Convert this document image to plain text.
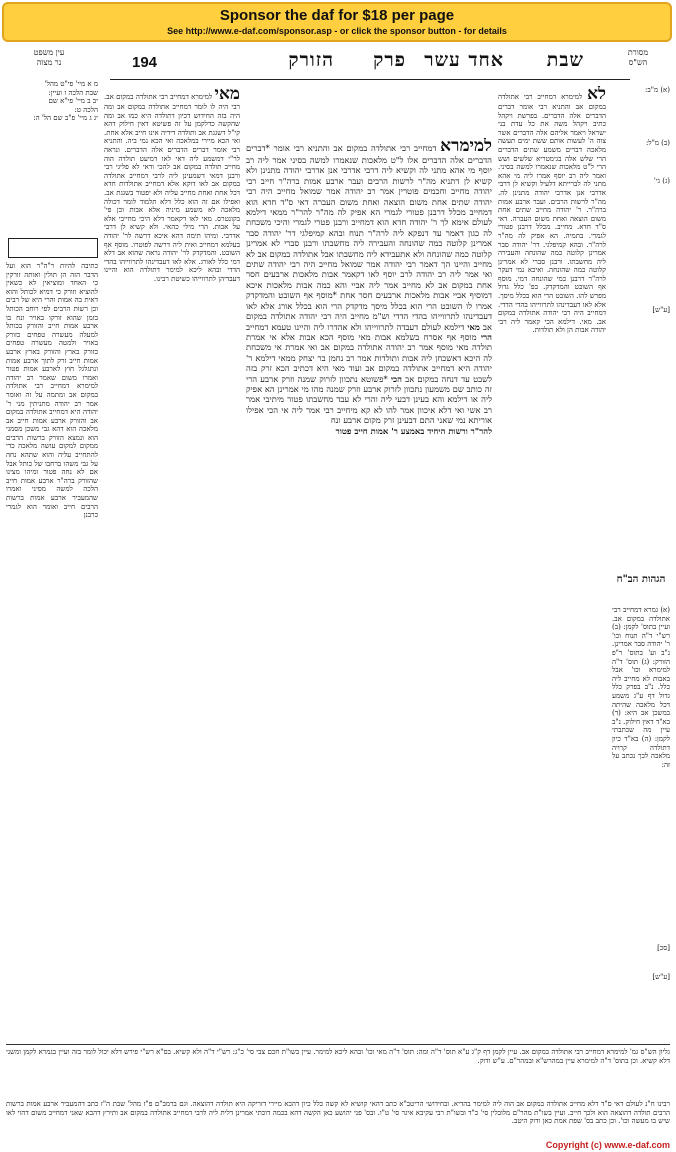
Sponsor the daf for $18 per page
See http://www.e-daf.com/sponsor.asp - or click the sponsor button - for details
מסורת
הש"ס
שבת
אחד עשר
פרק
הזורק
194
עין משפט
נר מצוה
מ א מיי' פי"ט מהל'
שבת הלכה ז ועיין:
יב ב מיי' פי"א שם
הלכה ט:
יג ג מיי' פ"ב שם הל' ה:
כתיבה להיות ר"ה"ר הוא ועל הדבר הזה הן תולין ואותה זורקין כי האחד ומוציאין לא כשאין להוציא וזורק כי דמיא לכותל והוא דאית בה אמות והרי היא של רבים וכן רשות הרבים לפי רוחב הכותל בזמן שהוא זורקו באויר ונח בו ארבע אמות חייב והזורק בכותל למעלה מעשרה טפחים כזורק באויר ולמטה מעשרה טפחים כזורק בארץ והזורק בארץ ארבע אמות חייב זרק לתוך ארבע אמות ונתגלגל חוץ לארבע אמות פטור ואמרו משום שאמר רב יהודה למימרא דמחייב רבי אתולדה במקום אב ומתמה על זה ואומר אמר רב יהודה מתניתין מני ר' יהודה היא דמחייב אתולדה במקום אב והזורק ארבע אמות חייב אב מלאכה הוא דהא גבי משכן מסמני הוא ונמצא הזורק ברשות הרבים ממקום למקום עושה מלאכה כדי להתחייב עליה והוא שתהא נחה על גבי משהו ברחבו של כותל אבל אם לא נחה פטור ומיהו מצינו שהזורק ברה"ר ארבע אמות חייב הלכה למשה מסיני ואמרו שהמעביר ארבע אמות ברשות הרבים חייב ואומר הוא לגמרי כרבנן
מאי למימרא דמחייב רבי אתולדה במקום אב. רבי היה לו לומר דמחייב אתולדה במקום אב ומה היה בזה החידוש דכיון דתולדה היא כמו אב ומה שהקשה כדלקמן על זה פשיטא דאין חילוק דהא קי"ל דשגגת אב ותולדה דידיה אינו חייב אלא אחת. ואי הכא מיירי במלאכה ואי הכא נמי ביה. והתניא רבי אומר דברים הדברים אלה הדברים. ונראה לר"י דמשמע ליה דאי לאו דמיעט תולדה הוה מחייב תולדה במקום אב להכי ודאי לא פליגי רבי ורבנן דמאי דשמעינן ליה לרבי דמחייב אתולדה במקום אב לאו דוקא אלא דמחייב אתולדות חדא דכל אחת ואחת מחייב עליה ולא יפטור בשגגת אב. ואפילו אם זה הוא כלל דלא תלמוד לומר דכולה מלאכה לא משמע מיניה אלא אבות וכן פי' בקונטרס. מאי לאו דקאמר דלא היכי מחייבי אלא על אבות. הרי מילי כהאי. ולא קשיא לן דרבי אדרבי. ומיהו תימה דהא איכא דרשה לר' יהודה בעלמא דמחייב ואית ליה דרשה לפוטרו. מוסף אף השובט. והמדקדק לר' יהודה נראה שהוא אב דלא דמי כלל לאורג. אלא לאו דעבדינהו לתרווייהו בהדי הדדי ובהא ליכא למימר דתולדה הוא והיינו דעבדיהן לתרווייהו כשיטת רבינו.
למימרא דמחייב רבי אתולדה במקום אב והתניא רבי אומר *דברים הדברים אלה הדברים אלו ל"ט מלאכות שנאמרו למשה בסיני אמר ליה רב יוסף מי אהא מתני לה וקשיא ליה דרבי אדרבי אנן אדרבי יהודה מתנינן ולא קשיא לן דתניא מה"ר לרשות הרבים ועבר ארבע אמות ברה"ר חייב רבי יהודה מחייב וחכמים פוטרין אמר רב יהודה אמר שמואל מחייב היה רבי יהודה שתים אחת משום הוצאה ואחת משום העברה דאי ס"ד חדא הוא דמחייב מכלל דרבנן פטורי לגמרי הא אפיק לה מה"ר להר"ר ממאי דילמא לעולם אימא לך ר' יהודה חדא הוא דמחייב ורבנן פטרי לגמרי והיכי משכחת לה כגון דאמר עד דנפקא ליה לרה"ר תנוח ובהא קמיפלגי דר' יהודה סבר אמרינן קלוטה כמה שהונחה והעבירה ליה מחשבתו ורבנן סברי לא אמרינן קלוטה כמה שהונחה ולא אתעבידא ליה מחשבתו אבל אתולדה במקום אב לא מחייב והיינו הך דאמר רבי יהודה אמר שמואל מחייב היה רבי יהודה שתים ואי אמר ליה רב יהודה לרב יוסף לאו דקאמר אבות מלאכות ארבעים חסר אחת במקום אב לא מחייב אמר ליה אביי והא כמה אבות מלאכות איכא דמוסיף אביי אבות מלאכות ארבעים חסר אחת *מוסף אף השובט והמדקדק אמרו לו השובט הרי הוא בכלל מיסך מדקדק הרי הוא בכלל אורג אלא לאו דעבדינהו לתרווייהו בהדי הדדי וש"מ מחייב היה רבי יהודה אתולדה במקום אב מאי דילמא לעולם דעבדה לתרווייהו ולא אהדרו ליה והיינו טעמא דמחייב הרי מוסף אף אסרח בשלמא אבות מאי מוסף הכא אבות אלא אי אמרת תולדה מאי מוסף אמר רב יהודה אתולדה במקום אב ואי אמרת אי משכחת לה היכא דאשכחן ליה אבות ותולדות אמר רב נחמן בר יצחק ממאי דילמא ר' יהודה היא דמחייב אתולדה במקום אב ועוד מאי היא דכתיב הכא זרק בזה לשבט עד דנחה במקום אב הכי *פשוטא נתכוון לזרוק שמנה וזרק ארבע הרי זה כותב שם משמעון נתכוון לזרוק ארבע וזרק שמנה מהו מי אמרינן הא אפיק ליה או דילמא והא בעינן דבעי ליה והרי לא עבד מחשבתו פטור מיתיבי אמר רב אשי ואי דלא איכוון אמר להו לא קא מיחייב רבי אמר ליה אי הכי אפילו אוריתא נמי שאני התם דבעינן זרק מקום ארבע ונח
להר"ר ורשות היחיד באמצע ר' אמות חייב פטור
לא למימרא דמחייב רבי אתולדה במקום אב והתניא רבי אומר דברים הדברים אלה הדברים. בפרשת ויקהל כתיב ויקהל משה את כל עדת בני ישראל ויאמר אליהם אלה הדברים אשר צוה ה' לעשות אותם ששת ימים תעשה מלאכה דברים משמע שתים הדברים הרי שלש אלה בגימטריא שלשים ושש הרי ל"ט מלאכות שנאמרו למשה בסיני. ואמר ליה רב יוסף אמרו ליה מי אהא מתני לה לברייתא דלעיל וקשיא לן דרבי אדרבי אנן אדרבי יהודה מתנינן לה. מה"ר לרשות הרבים. ועבר ארבע אמות ברה"ר. ר' יהודה מחייב שתים אחת משום הוצאה ואחת משום העברה. דאי ס"ד חדא. מחייב. מכלל דרבנן פטורי לגמרי. בתמיה. הא אפיק לה מה"ר לרה"ר. ובהא קמיפלגי. דר' יהודה סבר אמרינן קלוטה כמה שהונחה והעבירה ליה מחשבתו. ורבנן סברי לא אמרינן קלוטה כמה שהונחה. ואיכא נמי דעקר לרה"ר דרבנן כמי שהונחה דמי. מוסף אף השובט והמדקדק. בפ' כלל גדול מפרש להו. השובט הרי הוא בכלל מיסך. אלא לאו דעבדינהו לתרווייהו בהדי הדדי. דמחייב היה רבי יהודה אתולדה במקום אב. מאי. דילמא הכי קאמר ליה רבי יהודה אבות הן ולא תולדות.
(א) מ"ב:
(ב) מ"ל:
(ג) גי'
[ע"ש]
הגהות הב"ח
(א) גמרא דמחייב רבי אתולדה במקום אב. ועיין בתוס' לקמן: (ב) רש"י ד"ה תנוח וכו' ר' יהודה סבר אמרינן. נ"ב וע' בתוס' ר"פ הזורק: (ג) תוס' ד"ה למימרא וכו' אבל באבות לא מחייב ליה כלל. נ"ב בפרק כלל גדול דף ע"ג משמע דכל מלאכה שהיתה במשכן אב היא: (ד) בא"ד דאין חילוק. נ"ב עיין מה שכתבתי לקמן: (ה) בא"ד כיון דתולדה קרויה מלאכה לכך נכתב על זה:
[סכ]
[ע"ש]
גליון הש"ס גמ' למימרא דמחייב רבי אתולדה במקום אב. עיין לקמן דף ק"ג ע"א תוס' ד"ה ומה: תוס' ד"ה מאי וכו' ובהא ליכא למימר. עיין בשו"ת חכם צבי סי' כ"ג: רש"י ד"ה ולא קשיא. בס"א רש"י פירש דלא יכול לומר בזה ועיין בגמרא לקמן ומשני דלא קשיא. וכן בתוס' ד"ה למימרא עיין במהרש"א ובמהר"ם. ע"ש ודוק.
רבינו ח"נ לעולם דאי ס"ד דלא מחייב אתולדה במקום אב הוה ליה למימר בהדיא. ובחידושי הריטב"א כתב דהאי קושיא לא קשה כלל כיון דהכא מיירי דזריקה היא תולדה דהוצאה. וגם ברמב"ם פ"ז מהל' שבת ה"ז כתב דהמעביר ארבע אמות ברשות הרבים תולדה דהוצאה הוא ולכך חייב. ועיין בשו"ת מהר"ם מלובלין סי' כ"ד ובשו"ת רבי עקיבא איגר סי' ט"ו. ובס' פני יהושע כאן הקשה דהא בכמה דוכתי אמרינן דלית ליה לרבי דמחייב אתולדה במקום אב ותירץ דהכא שאני דמחייב משום דהוי לאו שיש בו מעשה וכו'. וכן כתב בס' שפת אמת כאן ודוק היטב.
Copyright (c) www.e-daf.com
